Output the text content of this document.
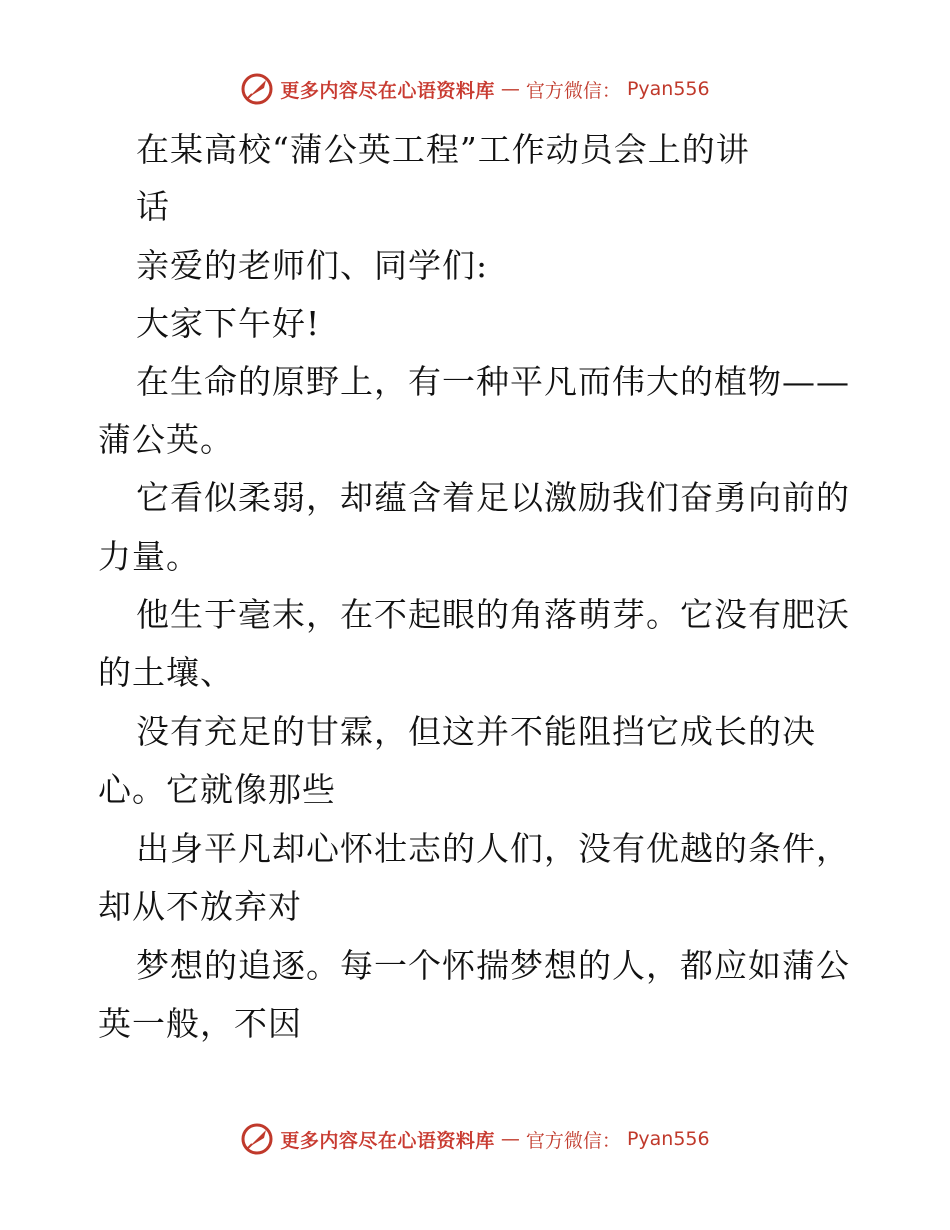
更多内容尽在心语资料库 — 官方微信： Pyan556
在某高校“蒲公英工程”工作动员会上的讲
话
亲爱的老师们、同学们:
大家下午好!
在生命的原野上，有一种平凡而伟大的植物——
蒲公英。
它看似柔弱，却蕴含着足以激励我们奋勇向前的
力量。
他生于毫末，在不起眼的角落萌芽。它没有肥沃
的土壤、
没有充足的甘霖，但这并不能阻挡它成长的决
心。它就像那些
出身平凡却心怀壮志的人们，没有优越的条件，
却从不放弃对
梦想的追逐。每一个怀揣梦想的人，都应如蒲公
英一般，不因
更多内容尽在心语资料库 — 官方微信： Pyan556
